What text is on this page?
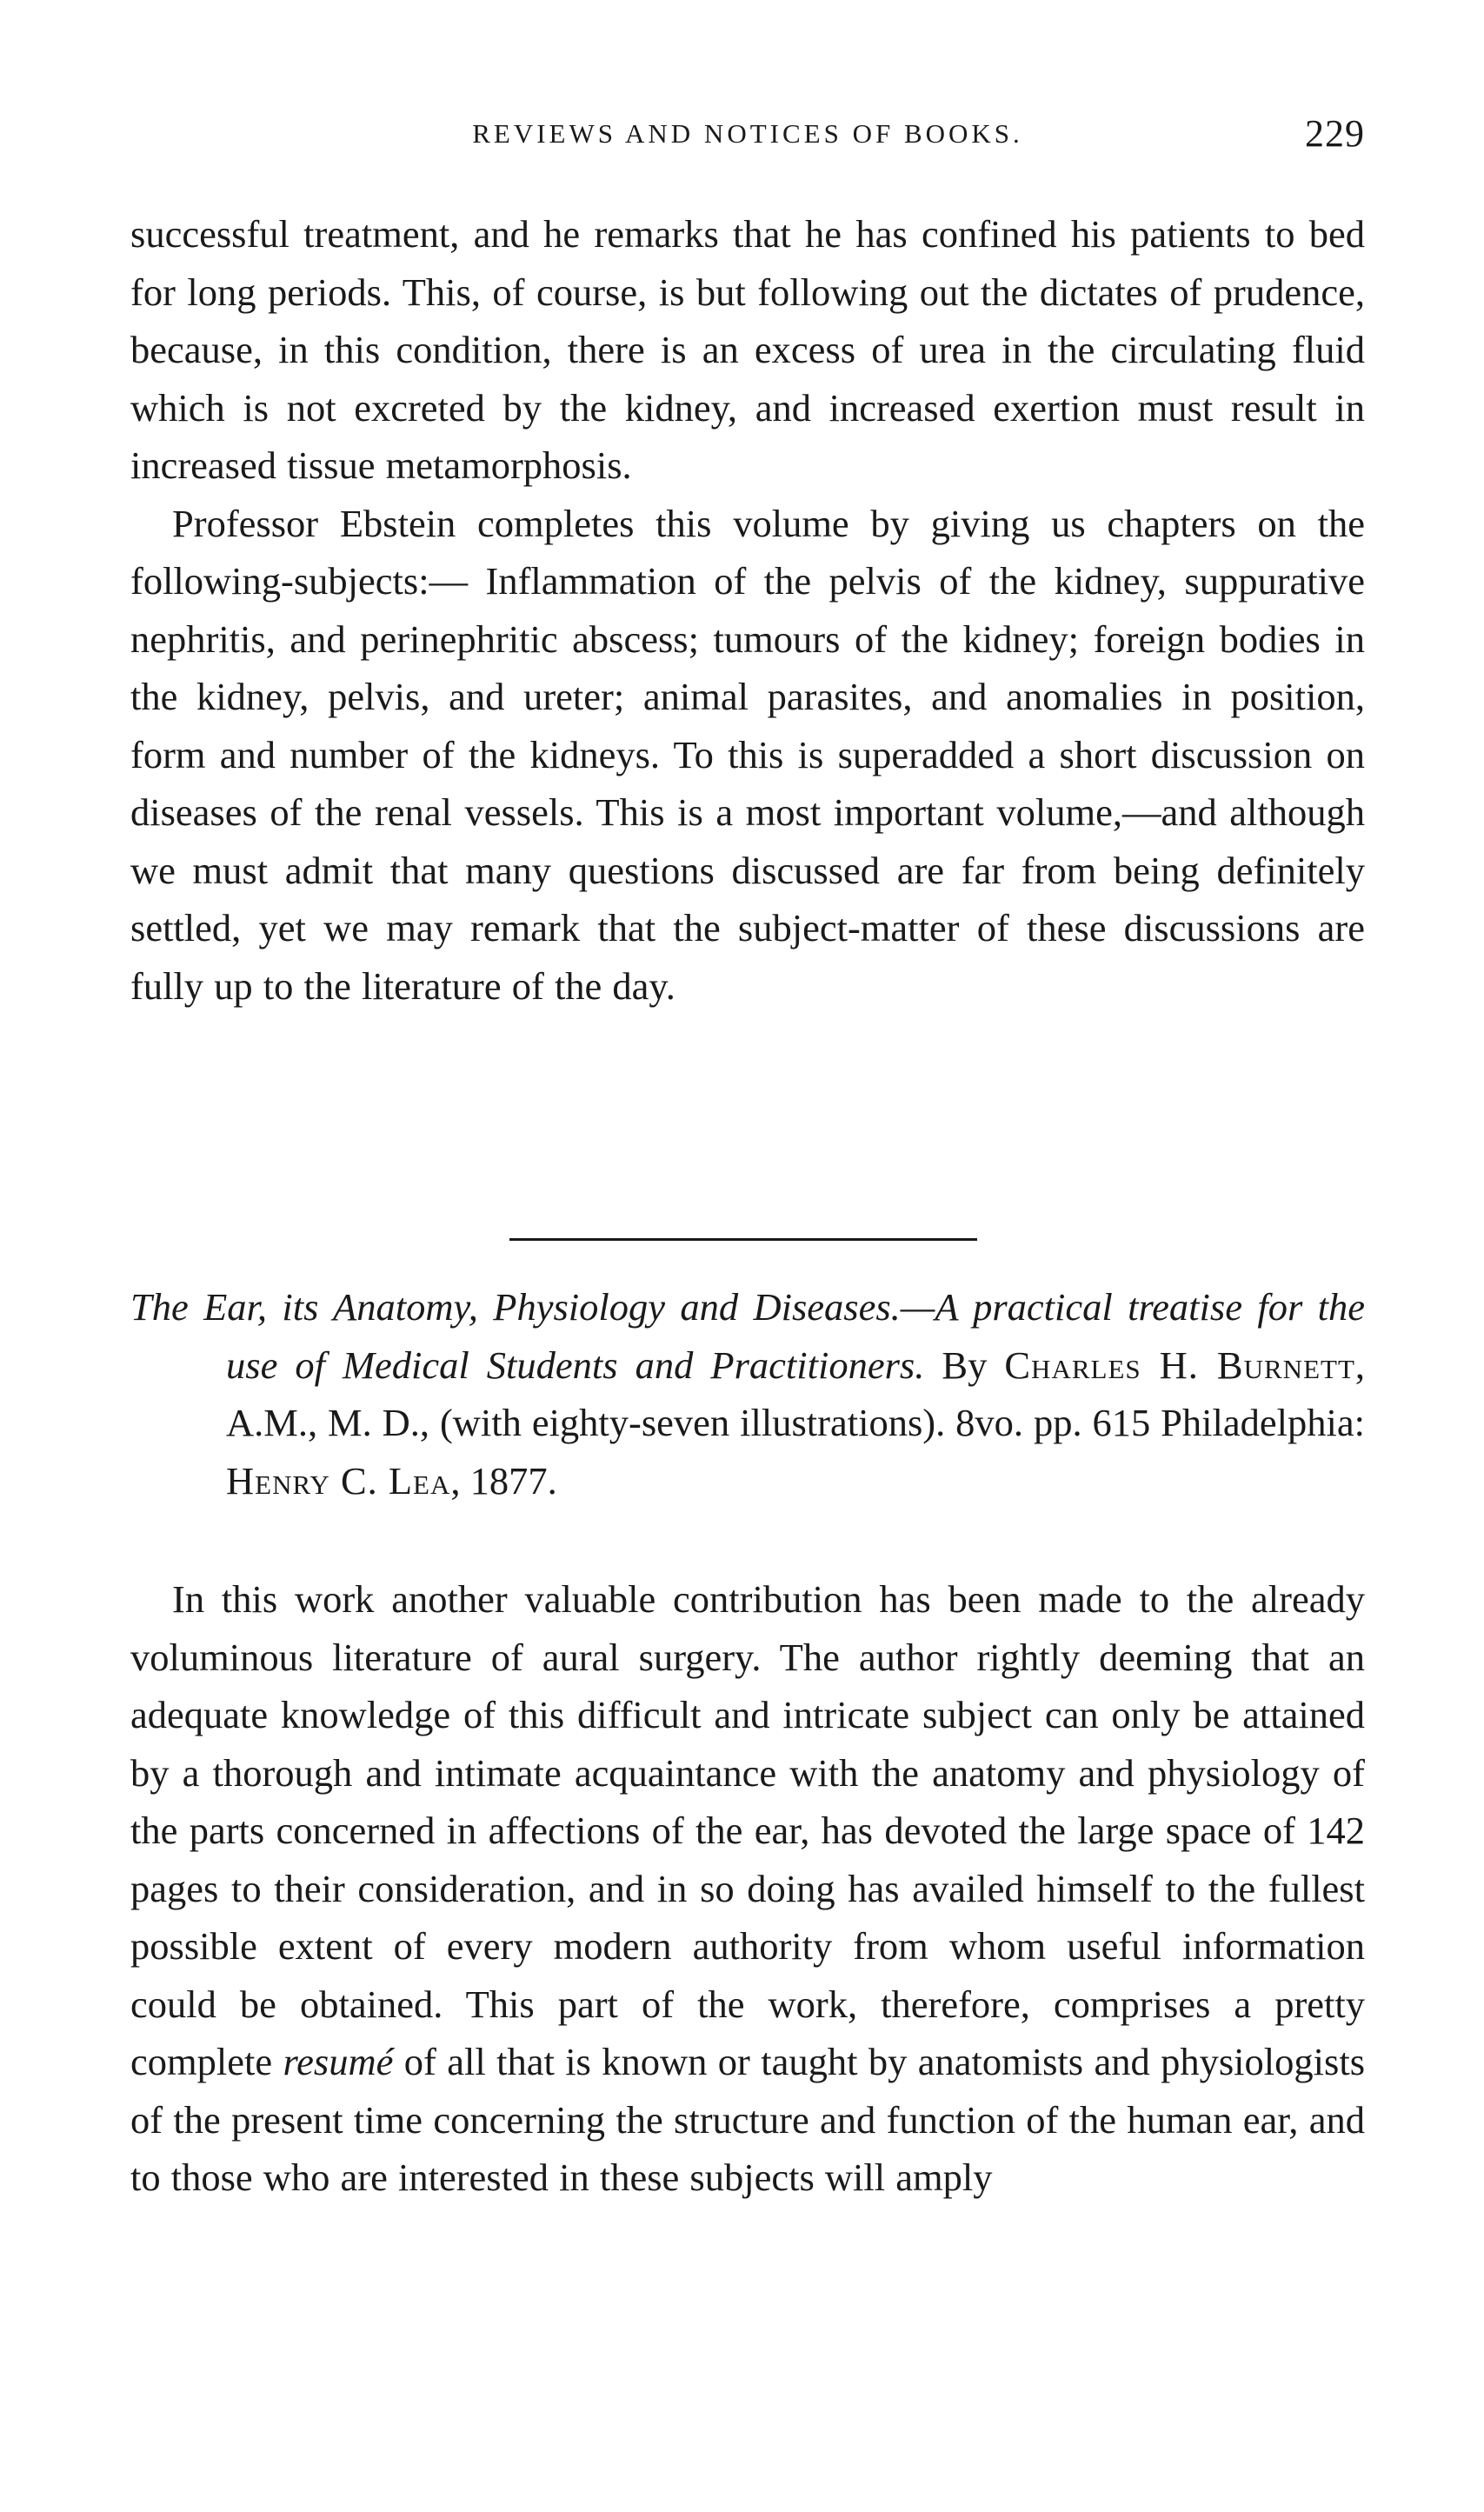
REVIEWS AND NOTICES OF BOOKS.	229

successful treatment, and he remarks that he has confined his patients to bed for long periods. This, of course, is but following out the dictates of prudence, because, in this condition, there is an excess of urea in the circulating fluid which is not excreted by the kidney, and increased exertion must result in increased tissue metamorphosis.

Professor Ebstein completes this volume by giving us chapters on the following-subjects:— Inflammation of the pelvis of the kidney, suppurative nephritis, and perinephritic abscess; tumours of the kidney; foreign bodies in the kidney, pelvis, and ureter; animal parasites, and anomalies in position, form and number of the kidneys. To this is superadded a short discussion on diseases of the renal vessels. This is a most important volume,—and although we must admit that many questions discussed are far from being definitely settled, yet we may remark that the subject-matter of these discussions are fully up to the literature of the day.

The Ear, its Anatomy, Physiology and Diseases.—A practical treatise for the use of Medical Students and Practitioners. By Charles H. Burnett, A.M., M. D., (with eighty-seven illustrations). 8vo. pp. 615 Philadelphia: Henry C. Lea, 1877.

In this work another valuable contribution has been made to the already voluminous literature of aural surgery. The author rightly deeming that an adequate knowledge of this difficult and intricate subject can only be attained by a thorough and intimate acquaintance with the anatomy and physiology of the parts concerned in affections of the ear, has devoted the large space of 142 pages to their consideration, and in so doing has availed himself to the fullest possible extent of every modern authority from whom useful information could be obtained. This part of the work, therefore, comprises a pretty complete resumé of all that is known or taught by anatomists and physiologists of the present time concerning the structure and function of the human ear, and to those who are interested in these subjects will amply
